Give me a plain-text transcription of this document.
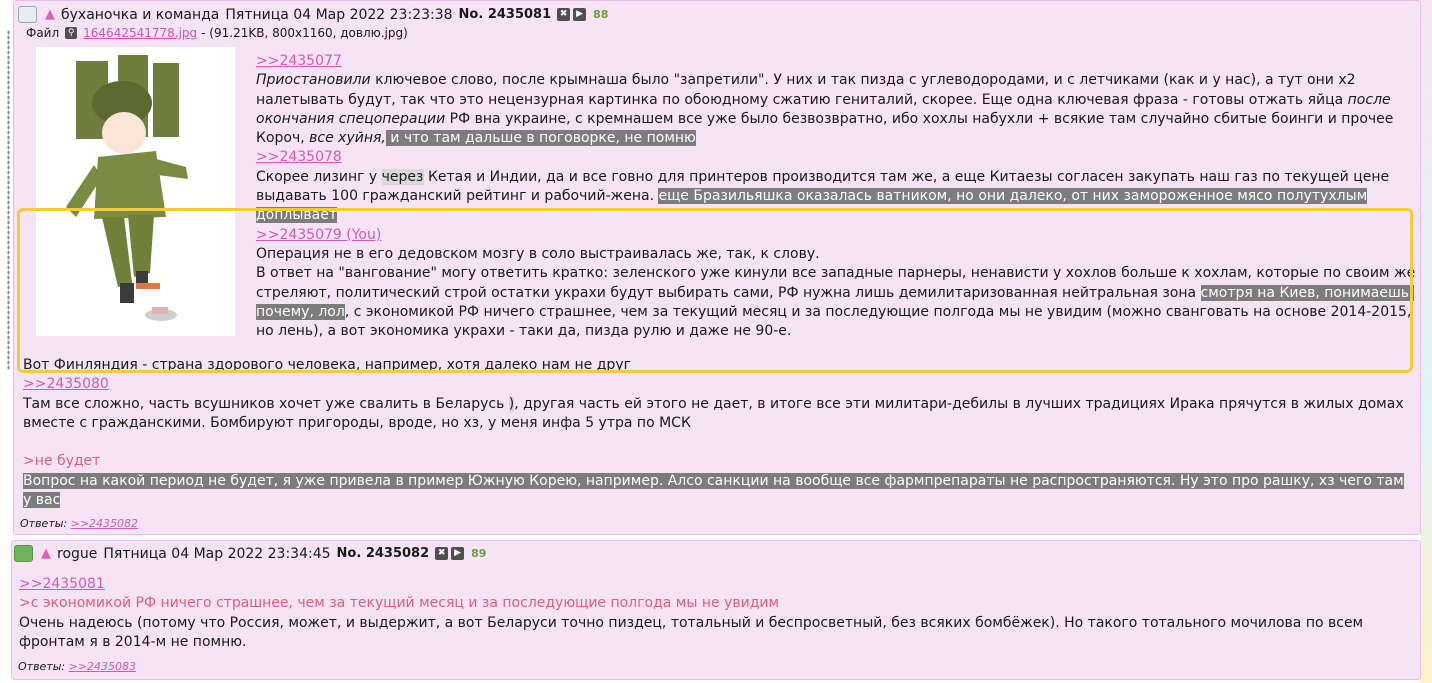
▲ буханочка и команда Пятница 04 Мар 2022 23:23:38 No. 2435081 ✖ ▶ 88
Файл ⚲ 164642541778.jpg - (91.21KB, 800x1160, довлю.jpg)
>>2435077
Приостановили ключевое слово, после крымнаша было "запретили". У них и так пизда с углеводородами, и с летчиками (как и у нас), а тут они х2
налетывать будут, так что это нецензурная картинка по обоюдному сжатию гениталий, скорее. Еще одна ключевая фраза - готовы отжать яйца после
окончания спецоперации РФ вна украине, с кремнашем все уже было безвозвратно, ибо хохлы набухли + всякие там случайно сбитые боинги и прочее
Короч, все хуйня, и что там дальше в поговорке, не помню
>>2435078
Скорее лизинг у через Кетая и Индии, да и все говно для принтеров производится там же, а еще Китаезы согласен закупать наш газ по текущей цене
выдавать 100 гражданский рейтинг и рабочий-жена. еще Бразильяшка оказалась ватником, но они далеко, от них замороженное мясо полутухлым
доплывает
>>2435079 (You)
Операция не в его дедовском мозгу в соло выстраивалась же, так, к слову.
В ответ на "вангование" могу ответить кратко: зеленского уже кинули все западные парнеры, ненависти у хохлов больше к хохлам, которые по своим же
стреляют, политический строй остатки украхи будут выбирать сами, РФ нужна лишь демилитаризованная нейтральная зона смотря на Киев, понимаешь,
почему, лол, с экономикой РФ ничего страшнее, чем за текущий месяц и за последующие полгода мы не увидим (можно сванговать на основе 2014-2015,
но лень), а вот экономика украхи - таки да, пизда рулю и даже не 90-е.
Вот Финляндия - страна здорового человека, например, хотя далеко нам не друг
>>2435080
Там все сложно, часть всушников хочет уже свалить в Беларусь ), другая часть ей этого не дает, в итоге все эти милитари-дебилы в лучших традициях Ирака прячутся в жилых домах
вместе с гражданскими. Бомбируют пригороды, вроде, но хз, у меня инфа 5 утра по МСК

>не будет
Вопрос на какой период не будет, я уже привела в пример Южную Корею, например. Алсо санкции на вообще все фармпрепараты не распространяются. Ну это про рашку, хз чего там
у вас
Ответы: >>2435082
▲ rogue Пятница 04 Мар 2022 23:34:45 No. 2435082 ✖ ▶ 89
>>2435081
>с экономикой РФ ничего страшнее, чем за текущий месяц и за последующие полгода мы не увидим
Очень надеюсь (потому что Россия, может, и выдержит, а вот Беларуси точно пиздец, тотальный и беспросветный, без всяких бомбёжек). Но такого тотального мочилова по всем
фронтам я в 2014-м не помню.
Ответы: >>2435083
